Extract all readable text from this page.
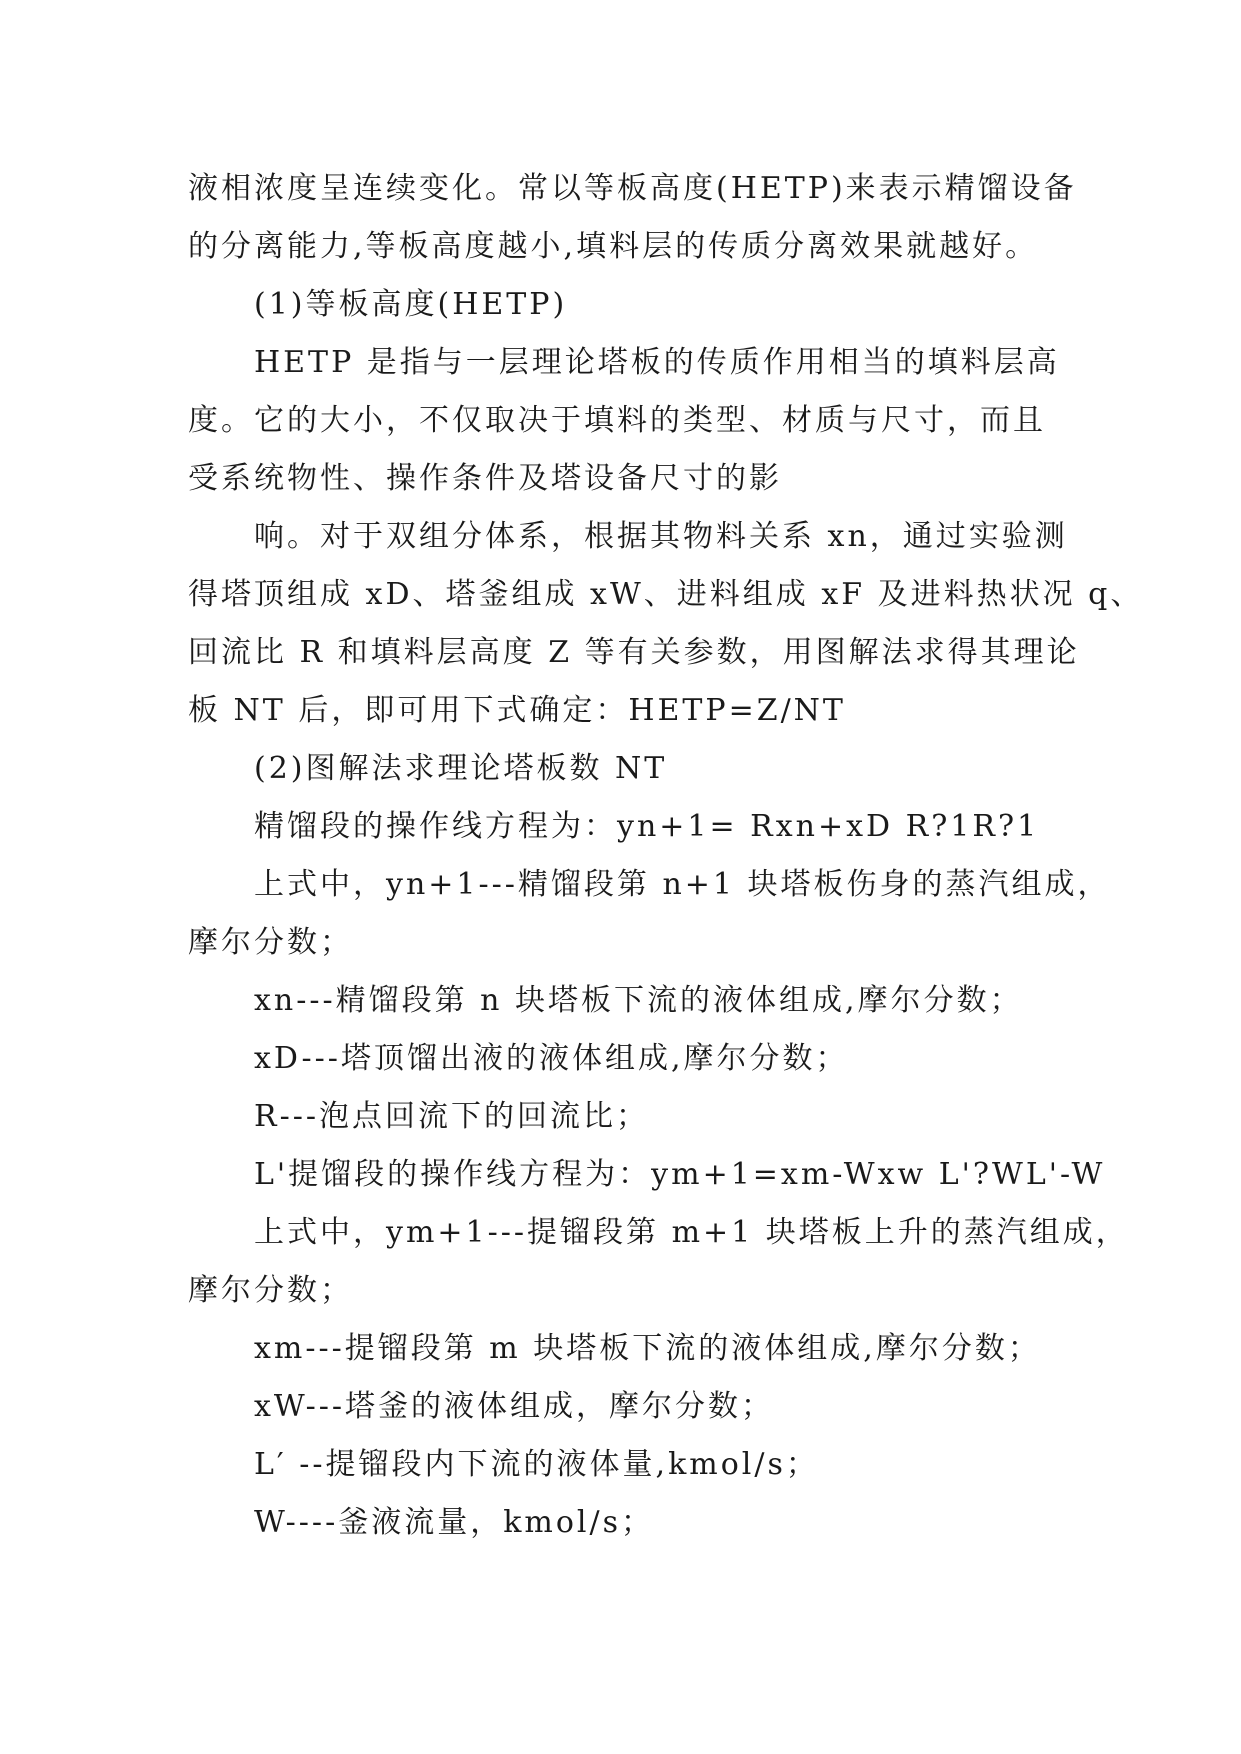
液相浓度呈连续变化。常以等板高度(HETP)来表示精馏设备
的分离能力,等板高度越小,填料层的传质分离效果就越好。
(1)等板高度(HETP)
HETP 是指与一层理论塔板的传质作用相当的填料层高
度。它的大小，不仅取决于填料的类型、材质与尺寸，而且
受系统物性、操作条件及塔设备尺寸的影
响。对于双组分体系，根据其物料关系 xn，通过实验测
得塔顶组成 xD、塔釜组成 xW、进料组成 xF 及进料热状况 q、
回流比 R 和填料层高度 Z 等有关参数，用图解法求得其理论
板 NT 后，即可用下式确定：HETP=Z/NT
(2)图解法求理论塔板数 NT
精馏段的操作线方程为：yn+1= Rxn+xD R?1R?1
上式中，yn+1---精馏段第 n+1 块塔板伤身的蒸汽组成，
摩尔分数；
xn---精馏段第 n 块塔板下流的液体组成,摩尔分数；
xD---塔顶馏出液的液体组成,摩尔分数；
R---泡点回流下的回流比；
L'提馏段的操作线方程为：ym+1=xm-Wxw L'?WL'-W
上式中，ym+1---提镏段第 m+1 块塔板上升的蒸汽组成，
摩尔分数；
xm---提镏段第 m 块塔板下流的液体组成,摩尔分数；
xW---塔釜的液体组成，摩尔分数；
L′ --提镏段内下流的液体量,kmol/s；
W----釜液流量，kmol/s；
